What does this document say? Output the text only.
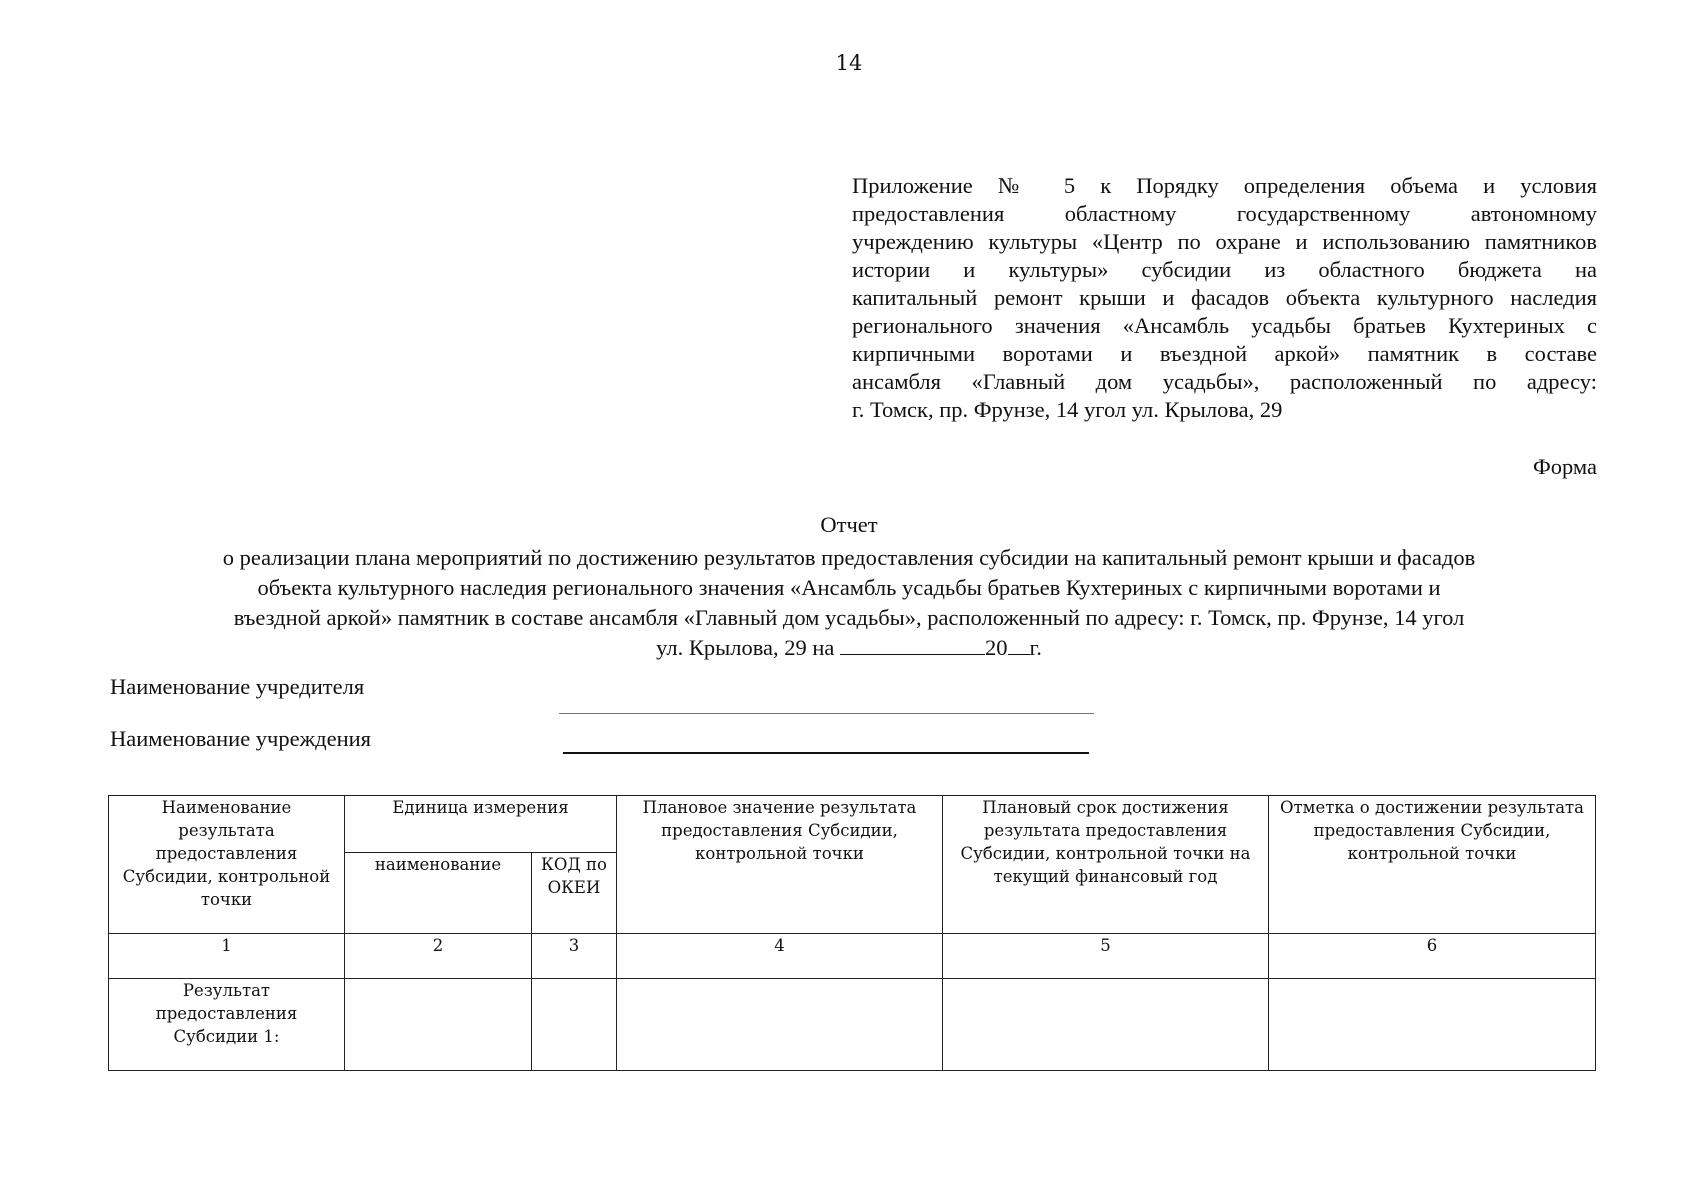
14
Приложение № 5 к Порядку определения объема и условия
предоставления областному государственному автономному
учреждению культуры «Центр по охране и использованию памятников
истории и культуры» субсидии из областного бюджета на
капитальный ремонт крыши и фасадов объекта культурного наследия
регионального значения «Ансамбль усадьбы братьев Кухтериных с
кирпичными воротами и въездной аркой» памятник в составе
ансамбля «Главный дом усадьбы», расположенный по адресу:
г. Томск, пр. Фрунзе, 14 угол ул. Крылова, 29
Форма
Отчет
о реализации плана мероприятий по достижению результатов предоставления субсидии на капитальный ремонт крыши и фасадов
объекта культурного наследия регионального значения «Ансамбль усадьбы братьев Кухтериных с кирпичными воротами и
въездной аркой» памятник в составе ансамбля «Главный дом усадьбы», расположенный по адресу: г. Томск, пр. Фрунзе, 14 угол
ул. Крылова, 29 на	20 г.
Наименование учредителя
Наименование учреждения
Наименование результата предоставления Субсидии, контрольной точки	Единица измерения		Плановое значение результата предоставления Субсидии, контрольной точки	Плановый срок достижения результата предоставления Субсидии, контрольной точки на текущий финансовый год	Отметка о достижении результата предоставления Субсидии, контрольной точки
	наименование	КОД по ОКЕИ			
1	2	3	4	5	6
Результат предоставления Субсидии 1:					
